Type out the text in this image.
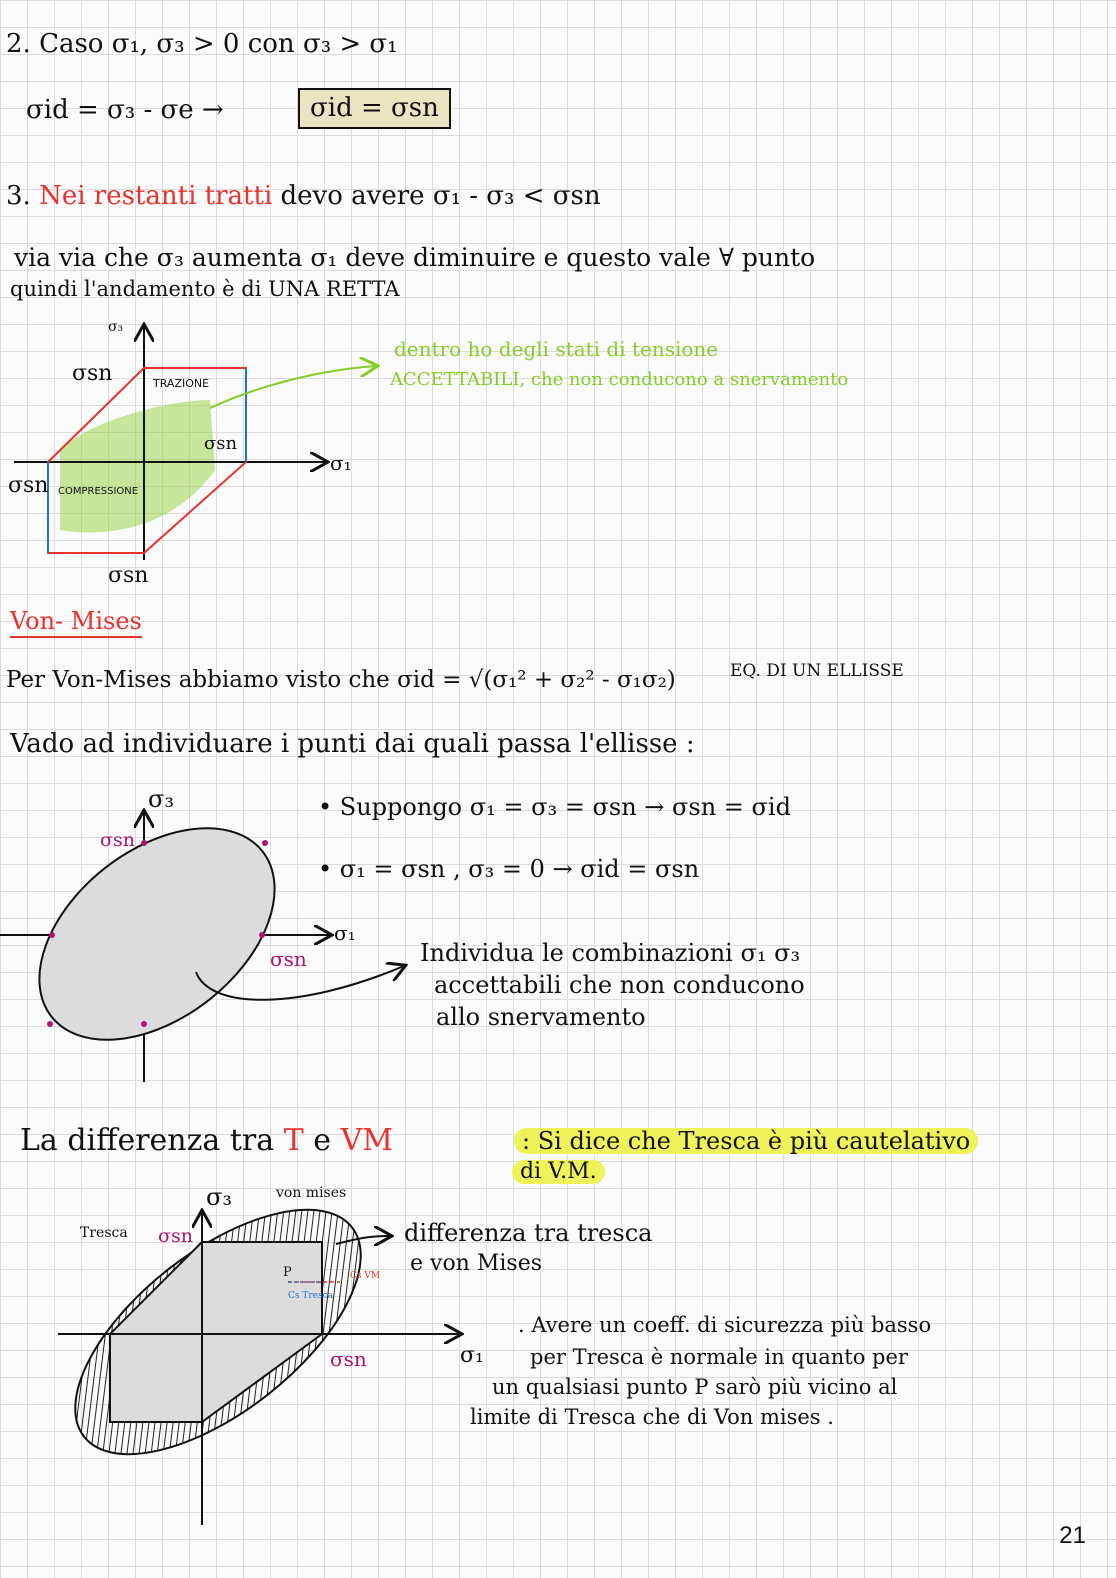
2. Caso σ₁, σ₃ > 0 con σ₃ > σ₁
σid = σ₃ - σe →	σid = σsn
3. Nei restanti tratti devo avere σ₁ - σ₃ < σsn
via via che σ₃ aumenta σ₁ deve diminuire e questo vale ∀ punto
quindi l'andamento è di UNA RETTA
dentro ho degli stati di tensione
ACCETTABILI, che non conducono a snervamento
Von- Mises
Per Von-Mises abbiamo visto che σid = √(σ₁² + σ₂² - σ₁σ₂)	EQ. DI UN ELLISSE
Vado ad individuare i punti dai quali passa l'ellisse :
• Suppongo σ₁ = σ₃ = σsn → σsn = σid
• σ₁ = σsn , σ₃ = 0 → σid = σsn
Individua le combinazioni σ₁ σ₃
accettabili che non conducono
allo snervamento
La differenza tra T e VM	: Si dice che Tresca è più cautelativo
di V.M.
differenza tra tresca
e von Mises
. Avere un coeff. di sicurezza più basso
per Tresca è normale in quanto per
un qualsiasi punto P sarò più vicino al
limite di Tresca che di Von mises .
σ₃
σ₁
σsn
σsn
σsn
σsn
TRAZIONE
COMPRESSIONE
σ₃
σ₁
σsn
σsn
σ₃
σ₁
von mises
Tresca σsn
σsn
P	Cs VM
Cs Tresca
21
